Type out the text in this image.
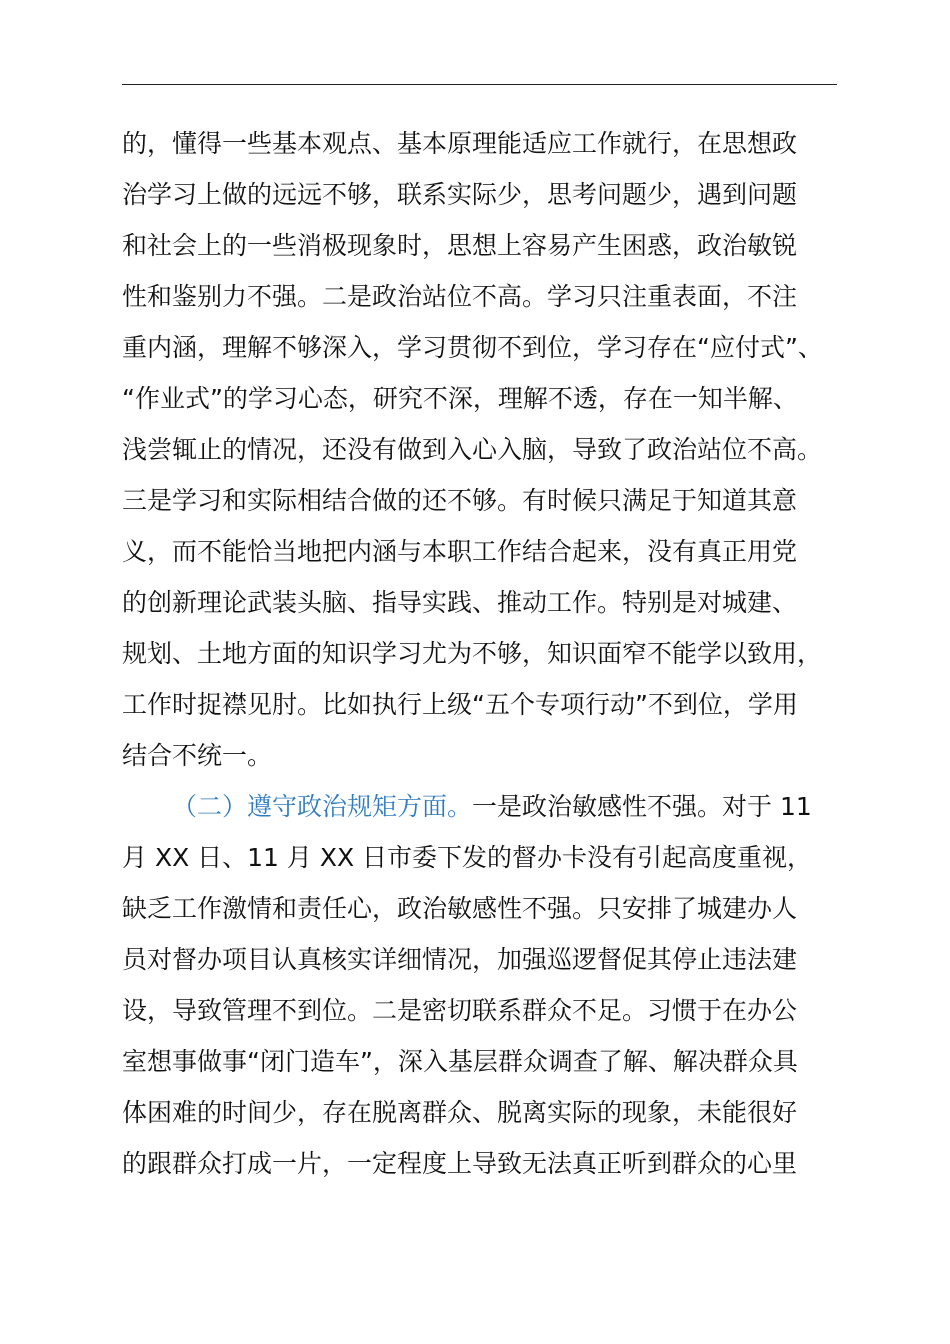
的，懂得一些基本观点、基本原理能适应工作就行，在思想政
治学习上做的远远不够，联系实际少，思考问题少，遇到问题
和社会上的一些消极现象时，思想上容易产生困惑，政治敏锐
性和鉴别力不强。二是政治站位不高。学习只注重表面，不注
重内涵，理解不够深入，学习贯彻不到位，学习存在“应付式”、
“作业式”的学习心态，研究不深，理解不透，存在一知半解、
浅尝辄止的情况，还没有做到入心入脑，导致了政治站位不高。
三是学习和实际相结合做的还不够。有时候只满足于知道其意
义，而不能恰当地把内涵与本职工作结合起来，没有真正用党
的创新理论武装头脑、指导实践、推动工作。特别是对城建、
规划、土地方面的知识学习尤为不够，知识面窄不能学以致用，
工作时捉襟见肘。比如执行上级“五个专项行动”不到位，学用
结合不统一。
（二）遵守政治规矩方面。一是政治敏感性不强。对于 11
月 XX 日、11 月 XX 日市委下发的督办卡没有引起高度重视，
缺乏工作激情和责任心，政治敏感性不强。只安排了城建办人
员对督办项目认真核实详细情况，加强巡逻督促其停止违法建
设，导致管理不到位。二是密切联系群众不足。习惯于在办公
室想事做事“闭门造车”，深入基层群众调查了解、解决群众具
体困难的时间少，存在脱离群众、脱离实际的现象，未能很好
的跟群众打成一片，一定程度上导致无法真正听到群众的心里
